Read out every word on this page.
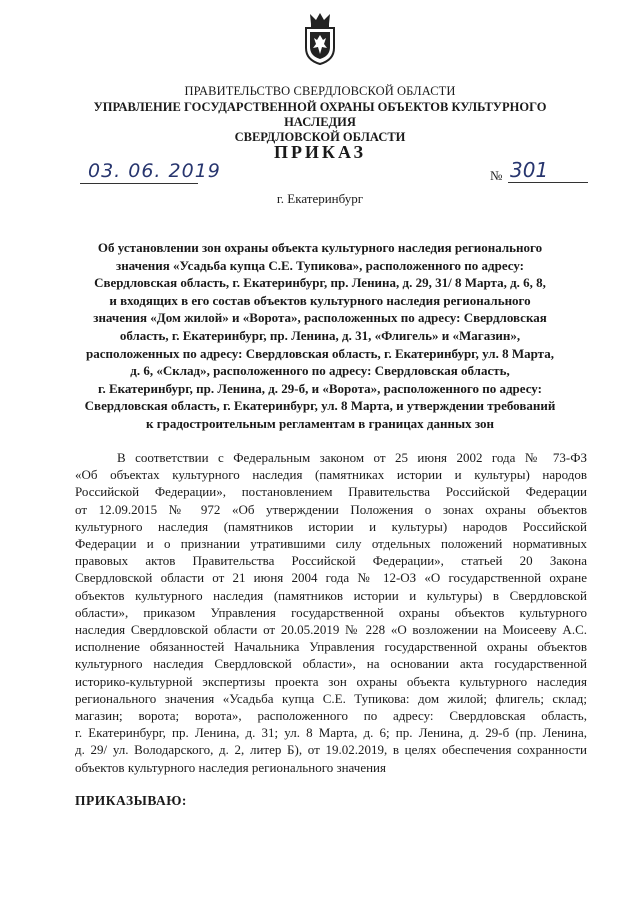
ПРАВИТЕЛЬСТВО СВЕРДЛОВСКОЙ ОБЛАСТИ
УПРАВЛЕНИЕ ГОСУДАРСТВЕННОЙ ОХРАНЫ ОБЪЕКТОВ КУЛЬТУРНОГО НАСЛЕДИЯ
СВЕРДЛОВСКОЙ ОБЛАСТИ
ПРИКАЗ
03. 06. 2019	№ 301
г. Екатеринбург
Об установлении зон охраны объекта культурного наследия регионального
значения «Усадьба купца С.Е. Тупикова», расположенного по адресу:
Свердловская область, г. Екатеринбург, пр. Ленина, д. 29, 31/ 8 Марта, д. 6, 8,
и входящих в его состав объектов культурного наследия регионального
значения «Дом жилой» и «Ворота», расположенных по адресу: Свердловская
область, г. Екатеринбург, пр. Ленина, д. 31, «Флигель» и «Магазин»,
расположенных по адресу: Свердловская область, г. Екатеринбург, ул. 8 Марта,
д. 6, «Склад», расположенного по адресу: Свердловская область,
г. Екатеринбург, пр. Ленина, д. 29-б, и «Ворота», расположенного по адресу:
Свердловская область, г. Екатеринбург, ул. 8 Марта, и утверждении требований
к градостроительным регламентам в границах данных зон
В соответствии с Федеральным законом от 25 июня 2002 года № 73-ФЗ
«Об объектах культурного наследия (памятниках истории и культуры) народов
Российской Федерации», постановлением Правительства Российской Федерации
от 12.09.2015 № 972 «Об утверждении Положения о зонах охраны объектов
культурного наследия (памятников истории и культуры) народов Российской
Федерации и о признании утратившими силу отдельных положений нормативных
правовых актов Правительства Российской Федерации», статьей 20 Закона
Свердловской области от 21 июня 2004 года № 12-ОЗ «О государственной охране
объектов культурного наследия (памятников истории и культуры) в Свердловской
области», приказом Управления государственной охраны объектов культурного
наследия Свердловской области от 20.05.2019 № 228 «О возложении на Моисееву А.С.
исполнение обязанностей Начальника Управления государственной охраны объектов
культурного наследия Свердловской области», на основании акта государственной
историко-культурной экспертизы проекта зон охраны объекта культурного наследия
регионального значения «Усадьба купца С.Е. Тупикова: дом жилой; флигель; склад;
магазин; ворота; ворота», расположенного по адресу: Свердловская область,
г. Екатеринбург, пр. Ленина, д. 31; ул. 8 Марта, д. 6; пр. Ленина, д. 29-б (пр. Ленина,
д. 29/ ул. Володарского, д. 2, литер Б), от 19.02.2019, в целях обеспечения сохранности
объектов культурного наследия регионального значения
ПРИКАЗЫВАЮ:
